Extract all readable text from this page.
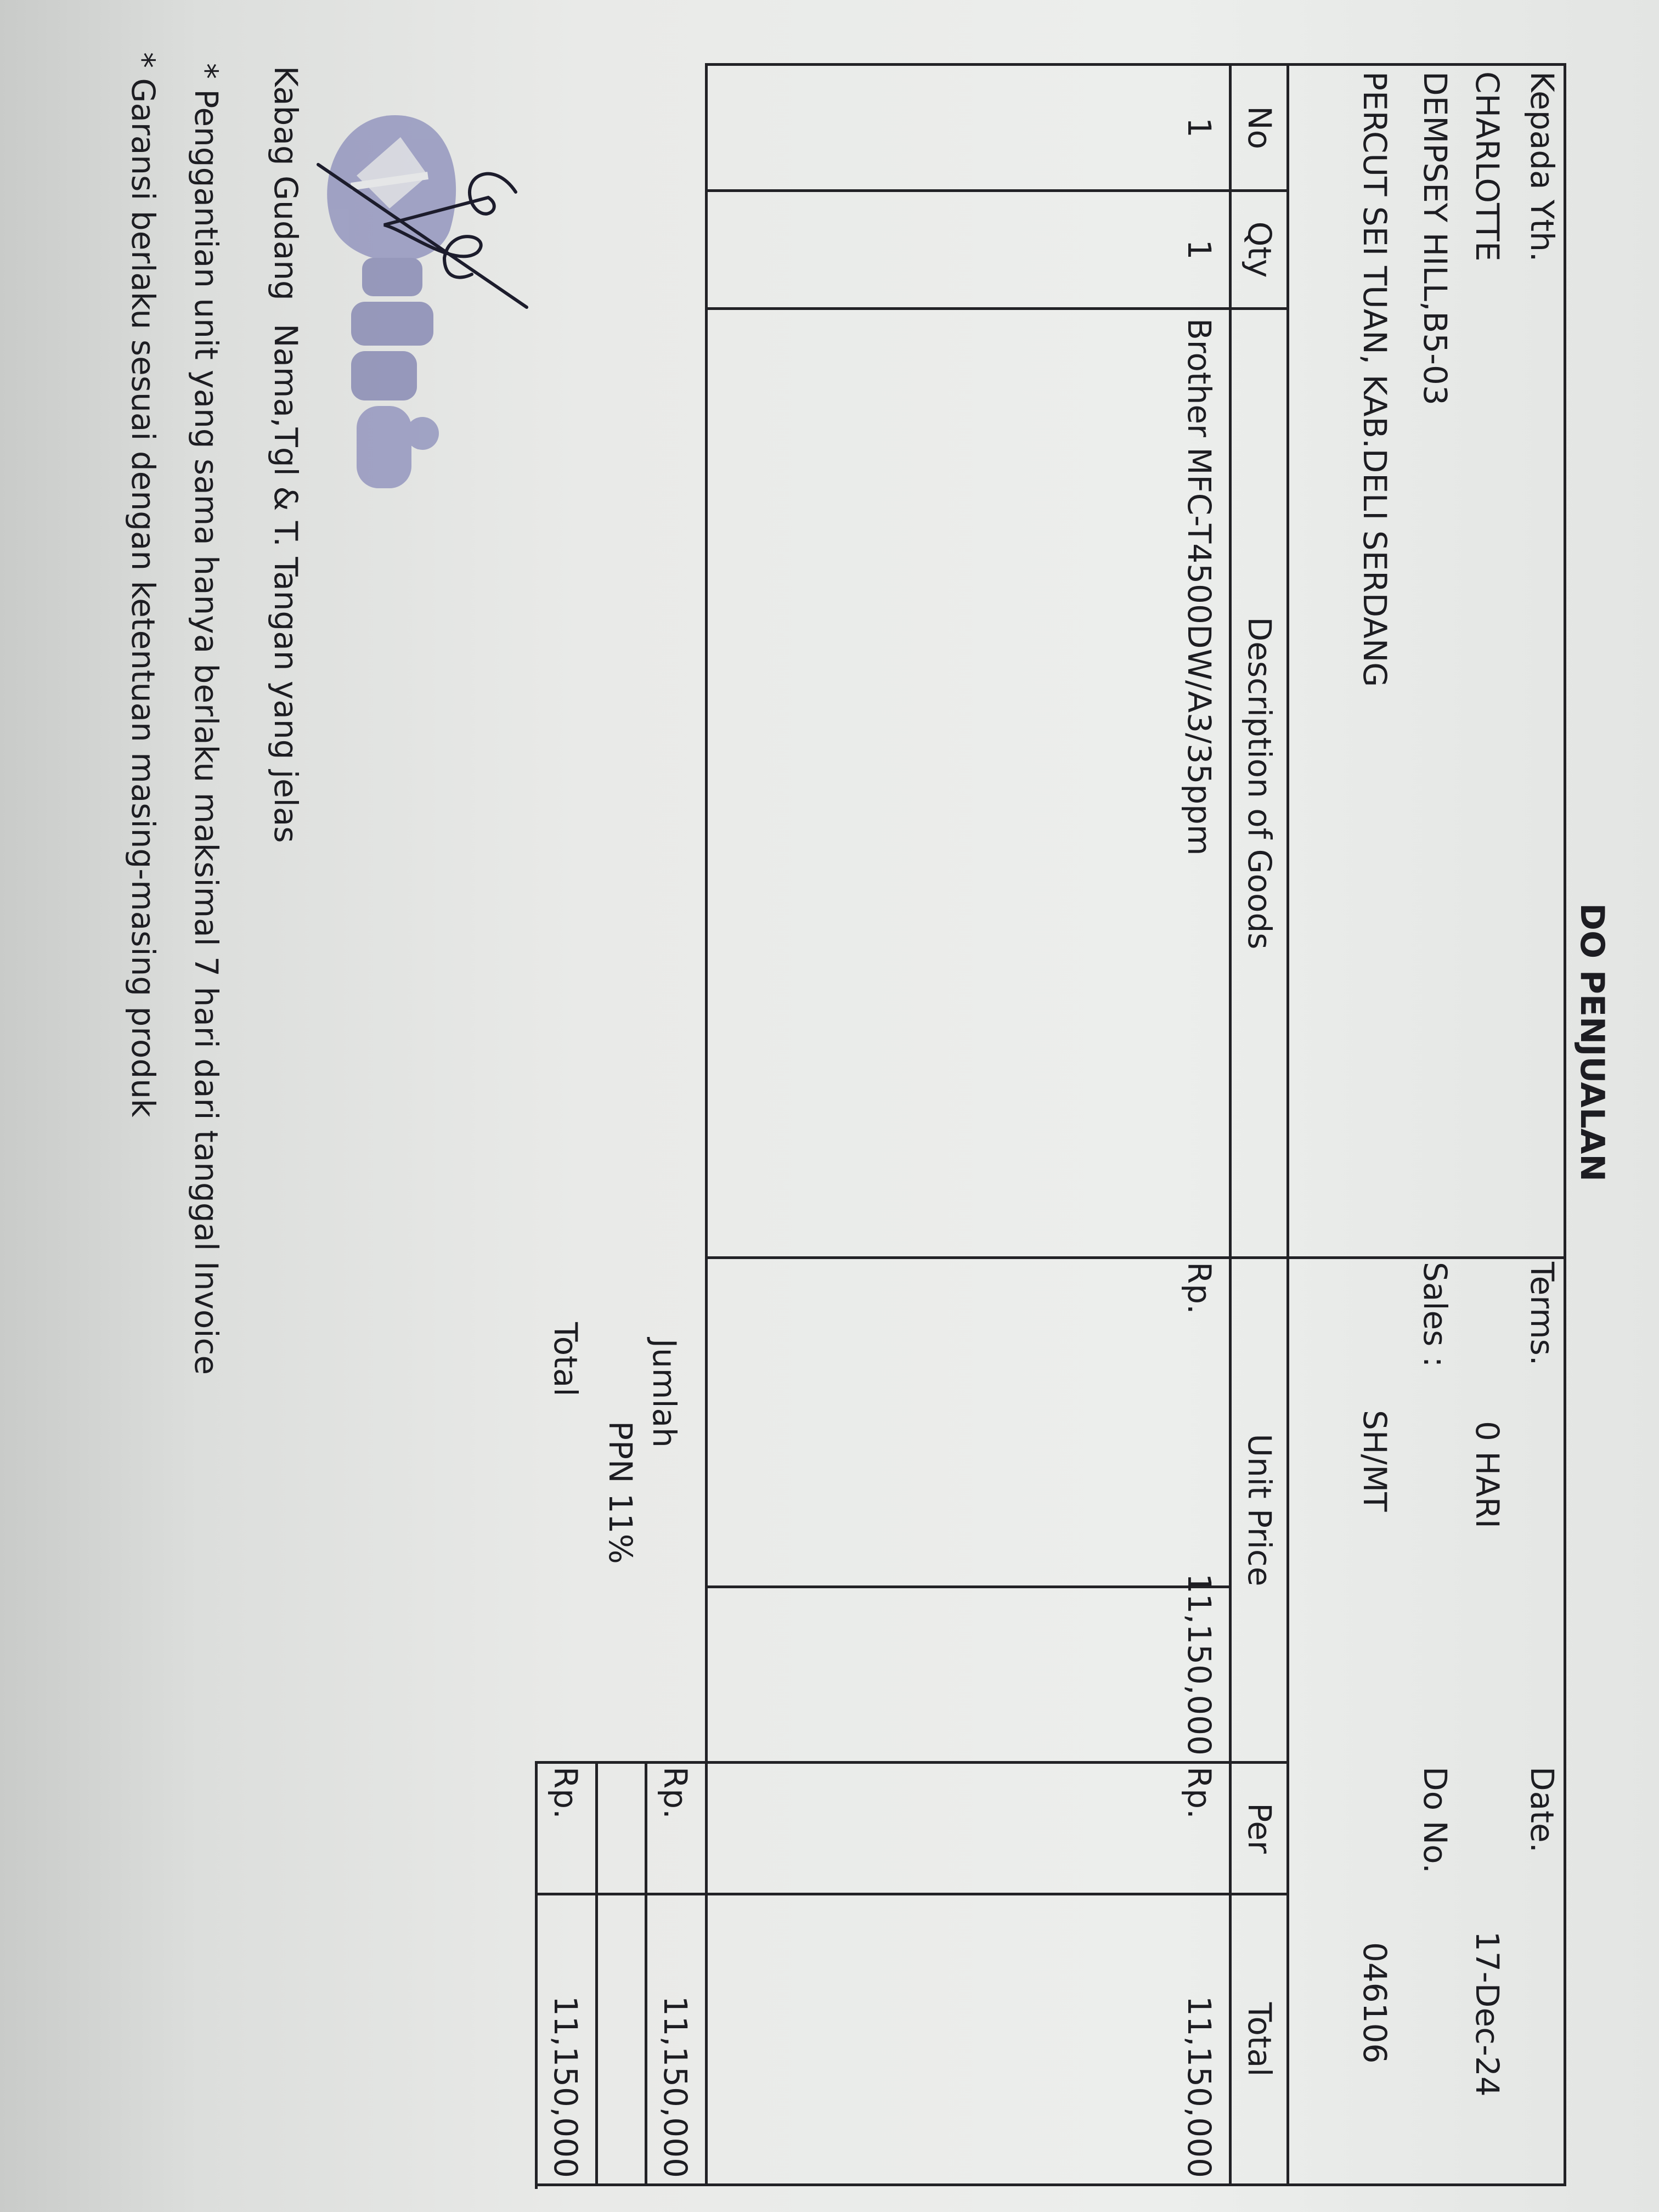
DO PENJUALAN
Kepada Yth.
CHARLOTTE
DEMPSEY HILL,B5-03
PERCUT SEI TUAN, KAB.DELI SERDANG
Terms.
0 HARI
Sales :
SH/MT
Date.
17-Dec-24
Do No.
046106
No
Qty
Description of Goods
Unit Price
Per
Total
1
1
Brother MFC-T4500DW/A3/35ppm
Rp.
11,150,000
Rp.
11,150,000
Jumlah
Rp.
11,150,000
PPN 11%
Total
Rp.
11,150,000
Kabag Gudang
Nama,Tgl & T. Tangan yang jelas
* Penggantian unit yang sama hanya berlaku maksimal 7 hari dari tanggal Invoice
* Garansi berlaku sesuai dengan ketentuan masing-masing produk
